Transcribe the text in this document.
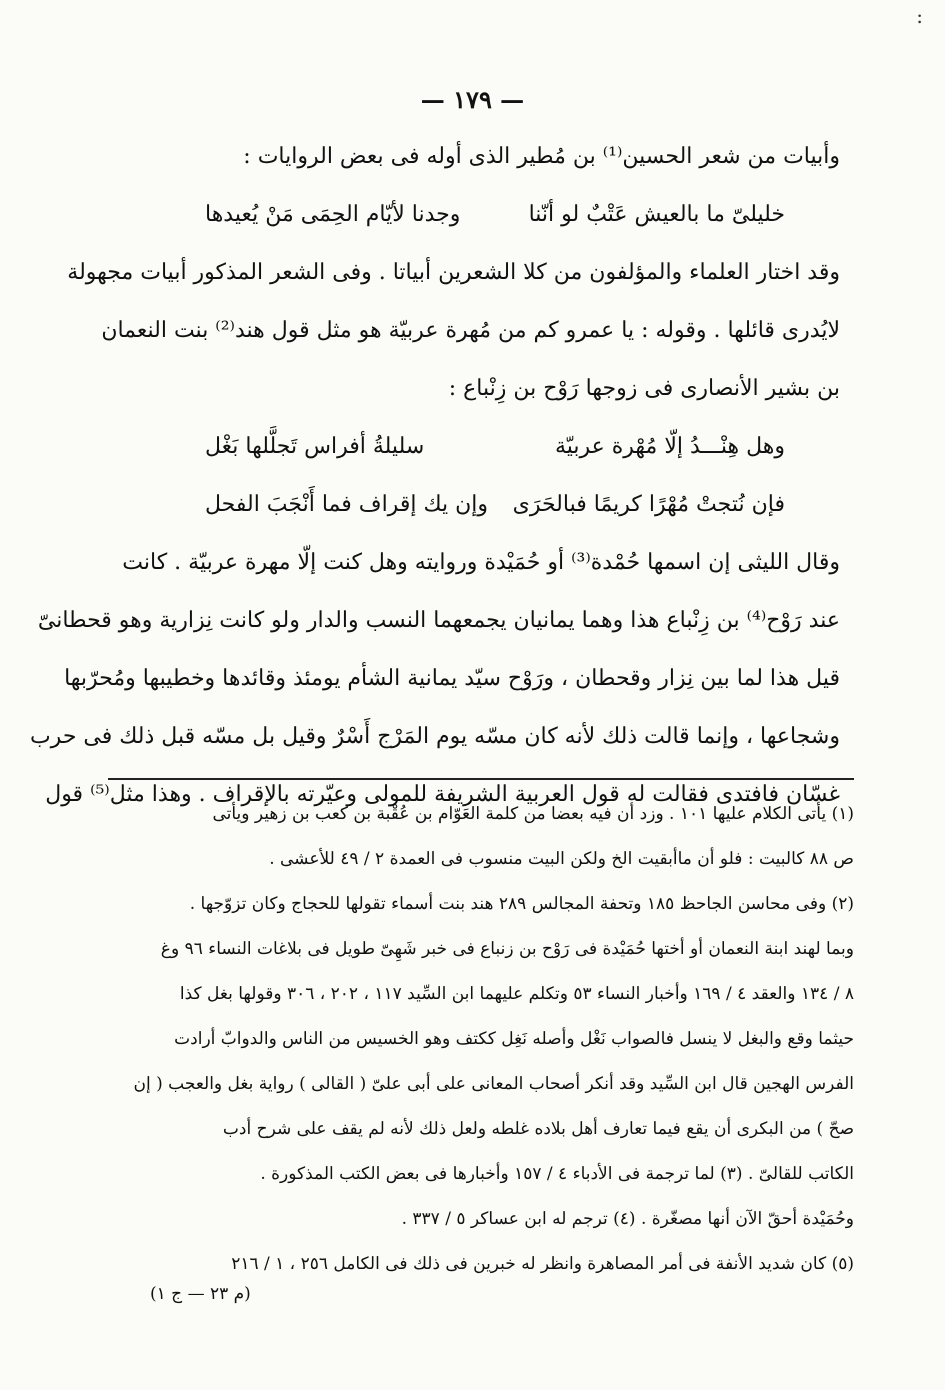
:
— ١٧٩ —
وأبيات من شعر الحسين⁽¹⁾ بن مُطير الذى أوله فى بعض الروايات :
خليلىّ ما بالعيش عَتْبٌ لو أنّنا
وجدنا لأيّام الحِمَى مَنْ يُعيدها
وقد اختار العلماء والمؤلفون من كلا الشعرين أبياتا . وفى الشعر المذكور أبيات مجهولة
لايُدرى قائلها . وقوله : يا عمرو كم من مُهرة عربيّة هو مثل قول هند⁽²⁾ بنت النعمان
بن بشير الأنصارى فى زوجها رَوْح بن زِنْباع :
وهل هِنْـــدُ إلّا مُهْرة عربيّة
سليلةُ أفراس تَجلَّلها بَغْل
فإن نُتجتْ مُهْرًا كريمًا فبالحَرَى
وإن يك إقراف فما أَنْجَبَ الفحل
وقال الليثى إن اسمها حُمْدة⁽³⁾ أو حُمَيْدة وروايته وهل كنت إلّا مهرة عربيّة . كانت
عند رَوْح⁽⁴⁾ بن زِنْباع هذا وهما يمانيان يجمعهما النسب والدار ولو كانت نِزارية وهو قحطانىّ
قيل هذا لما بين نِزار وقحطان ، ورَوْح سيّد يمانية الشأم يومئذ وقائدها وخطيبها ومُحرّبها
وشجاعها ، وإنما قالت ذلك لأنه كان مسّه يوم المَرْج أَسْرٌ وقيل بل مسّه قبل ذلك فى حرب
غسّان فافتدى فقالت له قول العربية الشريفة للمولى وعيّرته بالإقراف . وهذا مثل⁽⁵⁾ قول
(١) يأتى الكلام عليها ١٠١ . وزد أن فيه بعضا من كلمة العَوّام بن عُقْبة بن كعب بن زهير ويأتى
ص ٨٨ كالبيت : فلو أن ماأبقيت الخ ولكن البيت منسوب فى العمدة ٢ / ٤٩ للأعشى .
(٢) وفى محاسن الجاحظ ١٨٥ وتحفة المجالس ٢٨٩ هند بنت أسماء تقولها للحجاج وكان تزوّجها .
وبما لهند ابنة النعمان أو أختها حُمَيْدة فى رَوْح بن زنباع فى خبر شَهِىّ طويل فى بلاغات النساء ٩٦ وغ
٨ / ١٣٤ والعقد ٤ / ١٦٩ وأخبار النساء ٥٣ وتكلم عليهما ابن السِّيد ١١٧ ، ٢٠٢ ، ٣٠٦ وقولها بغل كذا
حيثما وقع والبغل لا ينسل فالصواب نَغْل وأصله نَغِل ككتف وهو الخسيس من الناس والدوابّ أرادت
الفرس الهجين قال ابن السِّيد وقد أنكر أصحاب المعانى على أبى علىّ ( القالى ) رواية بغل والعجب ( إن
صحّ ) من البكرى أن يقع فيما تعارف أهل بلاده غلطه ولعل ذلك لأنه لم يقف على شرح أدب
الكاتب للقالىّ . (٣) لما ترجمة فى الأدباء ٤ / ١٥٧ وأخبارها فى بعض الكتب المذكورة .
وحُمَيْدة أحقّ الآن أنها مصغّرة . (٤) ترجم له ابن عساكر ٥ / ٣٣٧ .
(٥) كان شديد الأنفة فى أمر المصاهرة وانظر له خبرين فى ذلك فى الكامل ٢٥٦ ، ١ / ٢١٦
(م ٢٣ — ج ١)
